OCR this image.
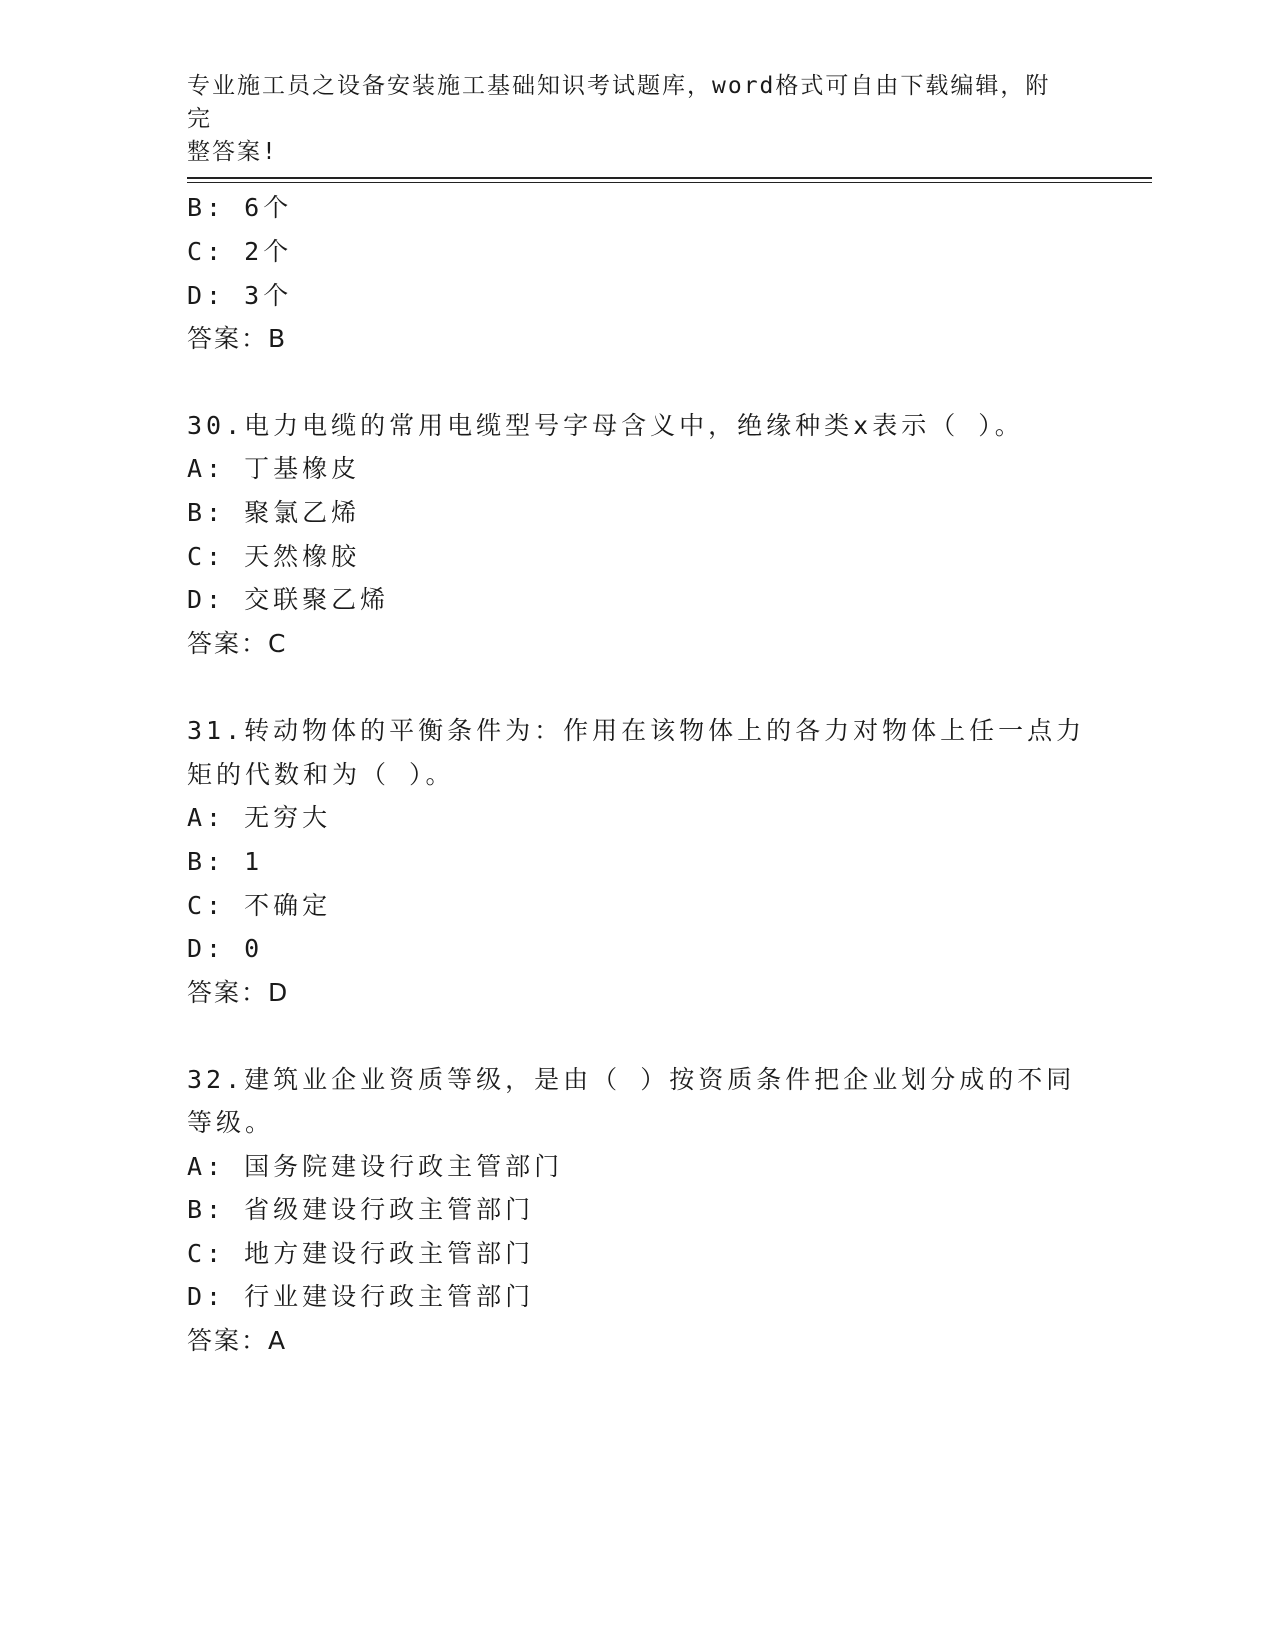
专业施工员之设备安装施工基础知识考试题库，word格式可自由下载编辑，附完
整答案!
B: 6个
C: 2个
D: 3个
答案：B
30.电力电缆的常用电缆型号字母含义中，绝缘种类x表示（ ）。
A: 丁基橡皮
B: 聚氯乙烯
C: 天然橡胶
D: 交联聚乙烯
答案：C
31.转动物体的平衡条件为：作用在该物体上的各力对物体上任一点力
矩的代数和为（ ）。
A: 无穷大
B: 1
C: 不确定
D: 0
答案：D
32.建筑业企业资质等级，是由（ ）按资质条件把企业划分成的不同
等级。
A: 国务院建设行政主管部门
B: 省级建设行政主管部门
C: 地方建设行政主管部门
D: 行业建设行政主管部门
答案：A
